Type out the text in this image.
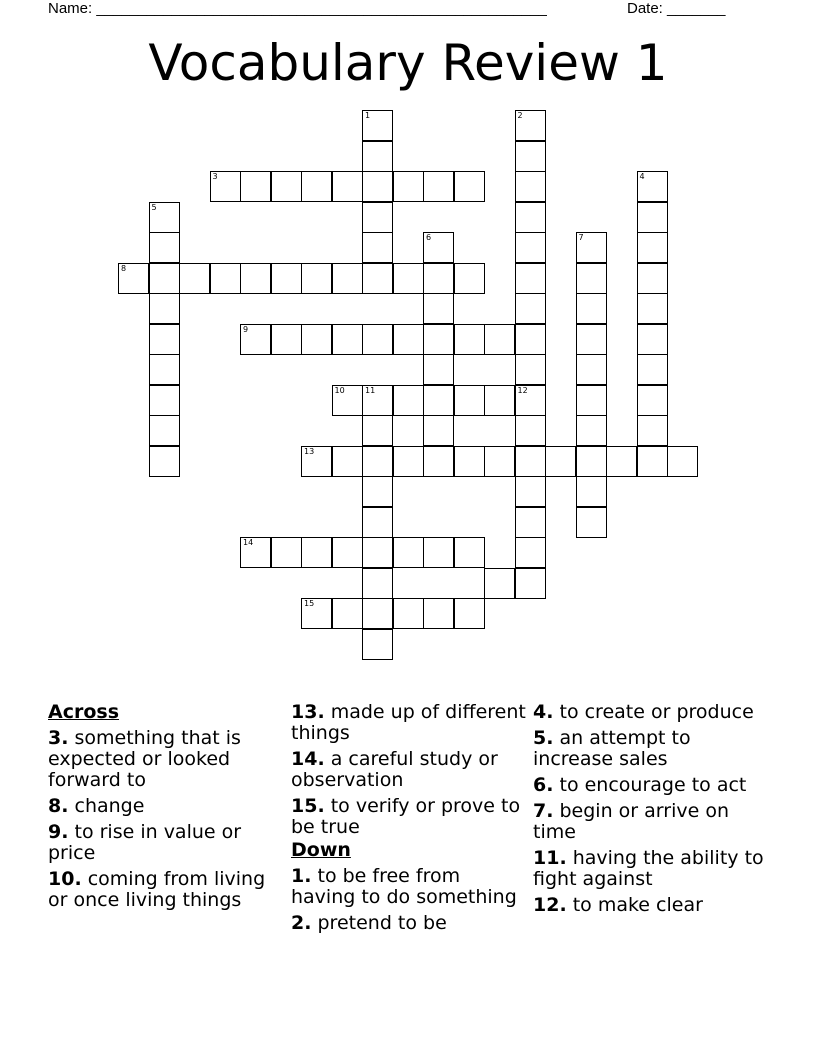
Name: ______________________________________________________	Date: _______
Vocabulary Review 1
1	2
12
3	4
5
6	7
8
9
10	11
13
14
15
Across
3. something that is expected or looked forward to
8. change
9. to rise in value or price
10. coming from living or once living things
13. made up of different things
14. a careful study or observation
15. to verify or prove to be true
Down
1. to be free from having to do something
2. pretend to be
4. to create or produce
5. an attempt to increase sales
6. to encourage to act
7. begin or arrive on time
11. having the ability to fight against
12. to make clear
